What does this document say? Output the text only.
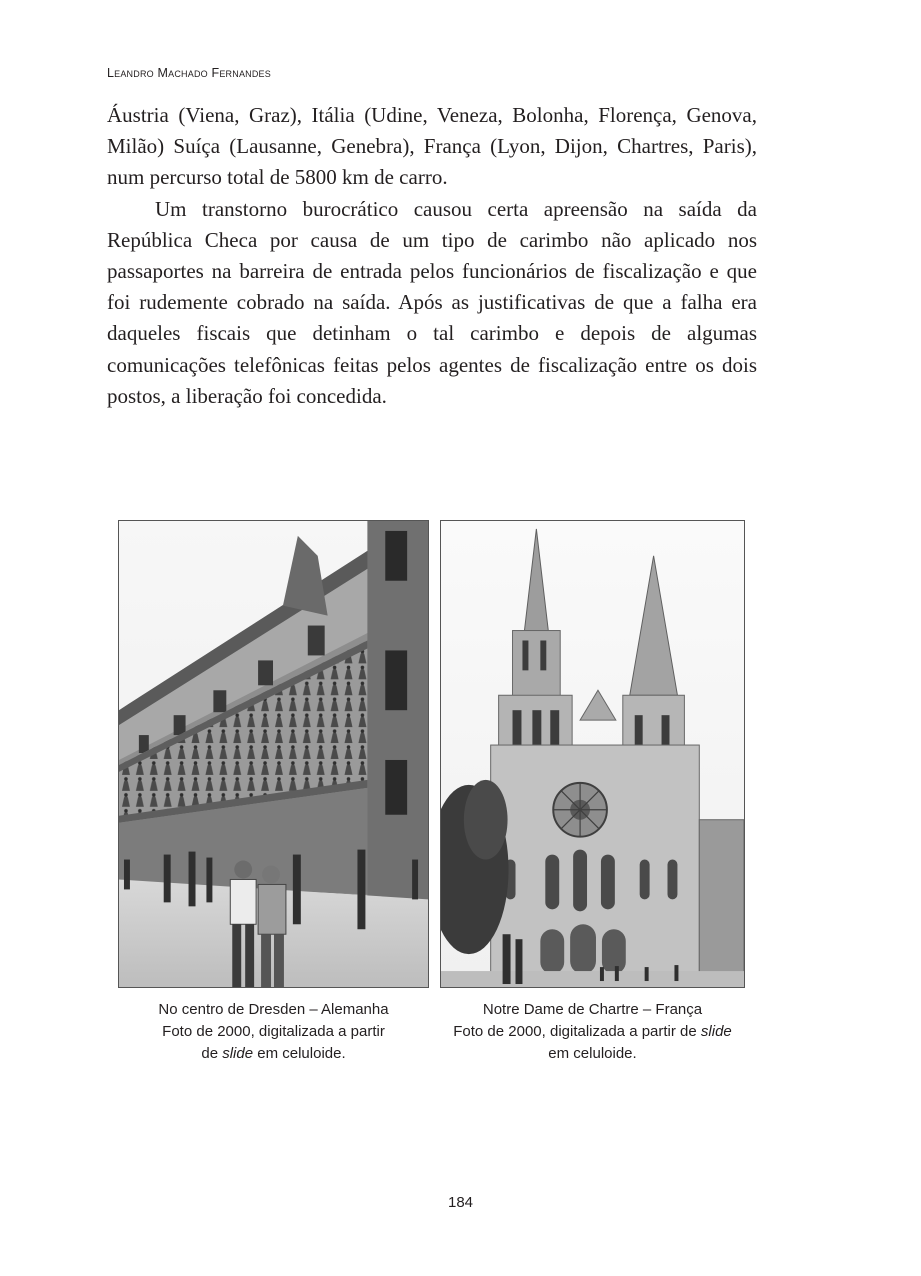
Leandro Machado Fernandes

Áustria (Viena, Graz), Itália (Udine, Veneza, Bolonha, Florença, Genova, Milão) Suíça (Lausanne, Genebra), França (Lyon, Dijon, Chartres, Paris), num percurso total de 5800 km de carro.

Um transtorno burocrático causou certa apreensão na saída da República Checa por causa de um tipo de carimbo não aplicado nos passaportes na barreira de entrada pelos funcionários de fiscalização e que foi rudemente cobrado na saída. Após as justificativas de que a falha era daqueles fiscais que detinham o tal carimbo e depois de algumas comunicações telefônicas feitas pelos agentes de fiscalização entre os dois postos, a liberação foi concedida.

No centro de Dresden – Alemanha
Foto de 2000, digitalizada a partir
de slide em celuloide.
Notre Dame de Chartre – França
Foto de 2000, digitalizada a partir de slide
em celuloide.
184
